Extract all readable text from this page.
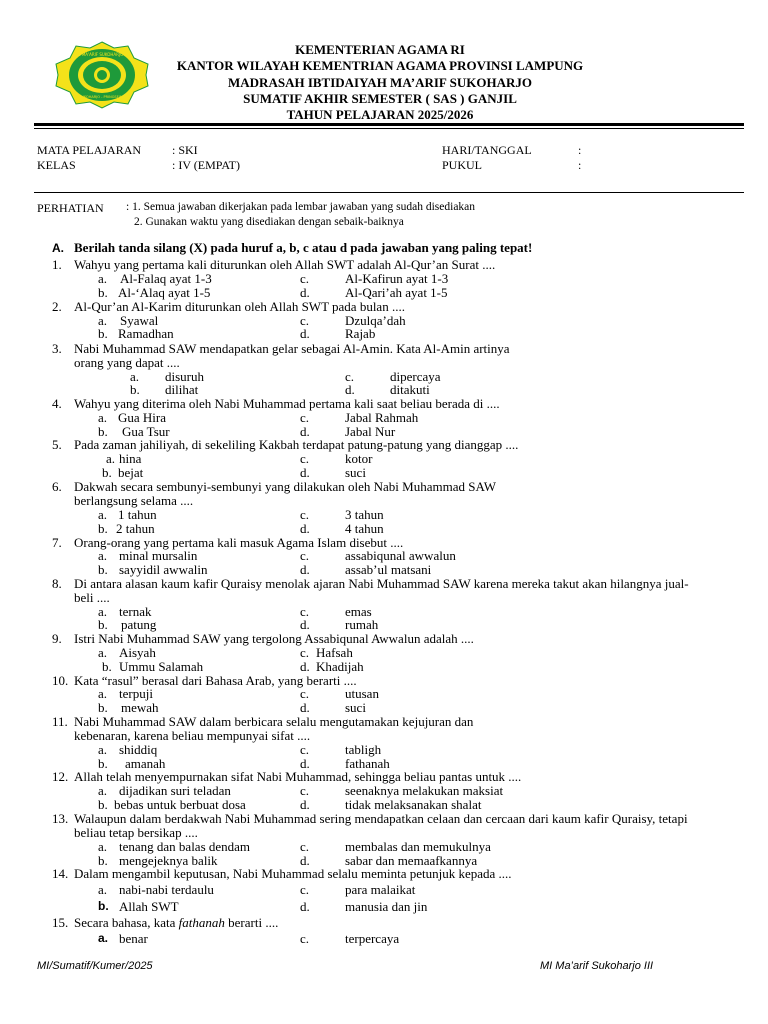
MI MA'ARIF SUKOHARJO III
SUKOHARJO - PRINGSEWU
KEMENTERIAN AGAMA RI
KANTOR WILAYAH KEMENTRIAN AGAMA PROVINSI LAMPUNG
MADRASAH IBTIDAIYAH MA’ARIF SUKOHARJO
SUMATIF AKHIR SEMESTER ( SAS ) GANJIL
TAHUN PELAJARAN 2025/2026
MATA PELAJARAN	: SKI	HARI/TANGGAL	:
KELAS	: IV (EMPAT)	PUKUL	:
PERHATIAN : 1. Semua jawaban dikerjakan pada lembar jawaban yang sudah disediakan
2. Gunakan waktu yang disediakan dengan sebaik-baiknya
A. Berilah tanda silang (X) pada huruf a, b, c atau d pada jawaban yang paling tepat!
1. Wahyu yang pertama kali diturunkan oleh Allah SWT adalah Al-Qur’an Surat ....
a. Al-Falaq ayat 1-3	c.	Al-Kafirun ayat 1-3
b. Al-‘Alaq ayat 1-5	d.	Al-Qari’ah ayat 1-5
2. Al-Qur’an Al-Karim diturunkan oleh Allah SWT pada bulan ....
a. Syawal	c.	Dzulqa’dah
b. Ramadhan	d.	Rajab
3. Nabi Muhammad SAW mendapatkan gelar sebagai Al-Amin. Kata Al-Amin artinya
orang yang dapat ....
a. disuruh	c.	dipercaya
b. dilihat	d.	ditakuti
4. Wahyu yang diterima oleh Nabi Muhammad pertama kali saat beliau berada di ....
a. Gua Hira	c.	Jabal Rahmah
b. Gua Tsur	d.	Jabal Nur
5. Pada zaman jahiliyah, di sekeliling Kakbah terdapat patung-patung yang dianggap ....
a. hina	c.	kotor
b. bejat	d.	suci
6. Dakwah secara sembunyi-sembunyi yang dilakukan oleh Nabi Muhammad SAW
berlangsung selama ....
a. 1 tahun	c.	3 tahun
b. 2 tahun	d.	4 tahun
7. Orang-orang yang pertama kali masuk Agama Islam disebut ....
a. minal mursalin	c.	assabiqunal awwalun
b. sayyidil awwalin	d.	assab’ul matsani
8. Di antara alasan kaum kafir Quraisy menolak ajaran Nabi Muhammad SAW karena mereka takut akan hilangnya jual-
beli ....
a. ternak	c.	emas
b. patung	d.	rumah
9. Istri Nabi Muhammad SAW yang tergolong Assabiqunal Awwalun adalah ....
a. Aisyah	c. Hafsah
b. Ummu Salamah	d. Khadijah
10. Kata “rasul” berasal dari Bahasa Arab, yang berarti ....
a. terpuji	c.	utusan
b. mewah	d.	suci
11. Nabi Muhammad SAW dalam berbicara selalu mengutamakan kejujuran dan
kebenaran, karena beliau mempunyai sifat ....
a. shiddiq	c.	tabligh
b. amanah	d.	fathanah
12. Allah telah menyempurnakan sifat Nabi Muhammad, sehingga beliau pantas untuk ....
a. dijadikan suri teladan	c.	seenaknya melakukan maksiat
b. bebas untuk berbuat dosa	d.	tidak melaksanakan shalat
13. Walaupun dalam berdakwah Nabi Muhammad sering mendapatkan celaan dan cercaan dari kaum kafir Quraisy, tetapi
beliau tetap bersikap ....
a. tenang dan balas dendam	c.	membalas dan memukulnya
b. mengejeknya balik	d.	sabar dan memaafkannya
14. Dalam mengambil keputusan, Nabi Muhammad selalu meminta petunjuk kepada ....
a. nabi-nabi terdaulu	c.	para malaikat
b. Allah SWT	d.	manusia dan jin
15. Secara bahasa, kata fathanah berarti ....
a. benar	c.	terpercaya
MI/Sumatif/Kumer/2025	MI Ma’arif Sukoharjo III
